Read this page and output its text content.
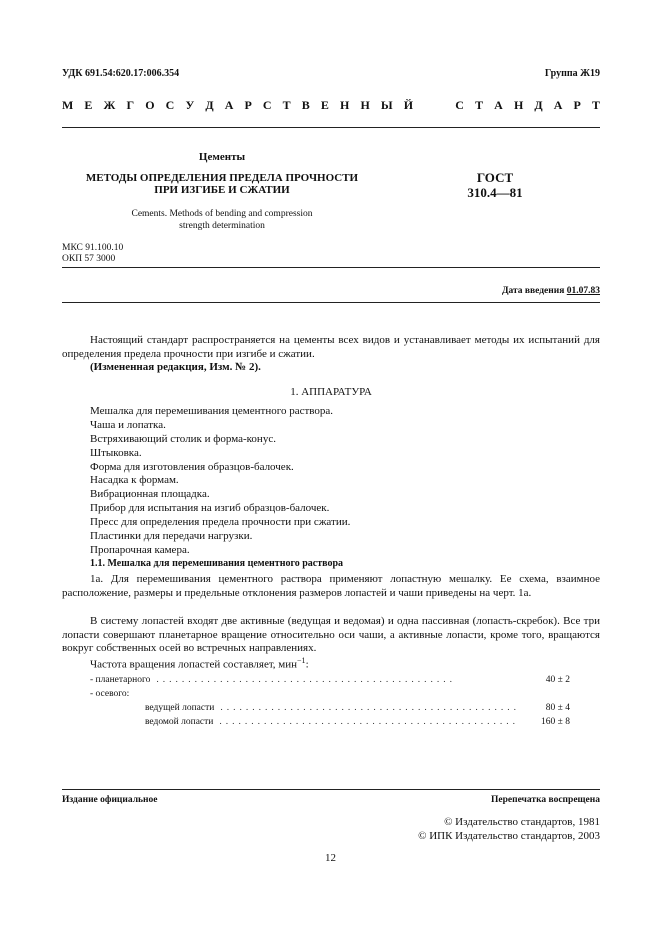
УДК 691.54:620.17:006.354	Группа Ж19
М Е Ж Г О С У Д А Р С Т В Е Н Н Ы Й	С Т А Н Д А Р Т
Цементы
МЕТОДЫ ОПРЕДЕЛЕНИЯ ПРЕДЕЛА ПРОЧНОСТИ
ПРИ ИЗГИБЕ И СЖАТИИ
ГОСТ
310.4—81
Cements. Methods of bending and compression
strength determination
МКС 91.100.10
ОКП 57 3000
Дата введения 01.07.83

Настоящий стандарт распространяется на цементы всех видов и устанавливает методы их испытаний для определения предела прочности при изгибе и сжатии.

(Измененная редакция, Изм. № 2).

1. АППАРАТУРА
Мешалка для перемешивания цементного раствора.
Чаша и лопатка.
Встряхивающий столик и форма-конус.
Штыковка.
Форма для изготовления образцов-балочек.
Насадка к формам.
Вибрационная площадка.
Прибор для испытания на изгиб образцов-балочек.
Пресс для определения предела прочности при сжатии.
Пластинки для передачи нагрузки.
Пропарочная камера.
1.1. Мешалка для перемешивания цементного раствора

1а. Для перемешивания цементного раствора применяют лопастную мешалку. Ее схема, взаимное расположение, размеры и предельные отклонения размеров лопастей и чаши приведены на черт. 1а.

В систему лопастей входят две активные (ведущая и ведомая) и одна пассивная (лопасть-скребок). Все три лопасти совершают планетарное вращение относительно оси чаши, а активные лопасти, кроме того, вращаются вокруг собственных осей во встречных направлениях.

Частота вращения лопастей составляет, мин$^{-1}$:
- планетарного ...............................................	40 ± 2
- осевого:
ведущей лопасти ...............................................	80 ± 4
ведомой лопасти ...............................................	160 ± 8
Издание официальное	Перепечатка воспрещена
© Издательство стандартов, 1981
© ИПК Издательство стандартов, 2003
12
